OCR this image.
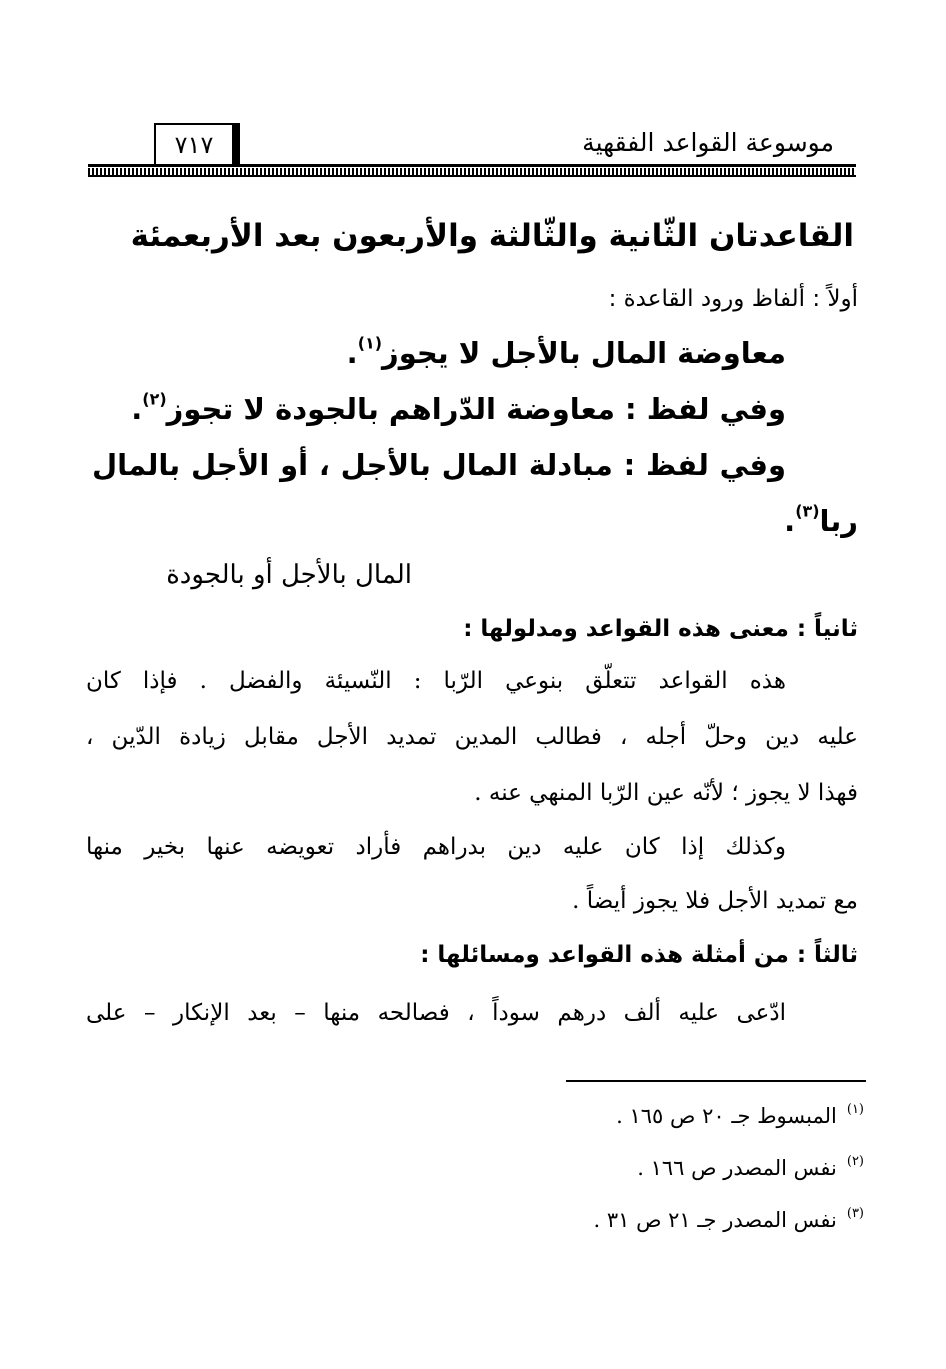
موسوعة القواعد الفقهية
٧١٧
القاعدتان الثّانية والثّالثة والأربعون بعد الأربعمئة
أولاً : ألفاظ ورود القاعدة :
معاوضة المال بالأجل لا يجوز$^{(١)}$.
وفي لفظ : معاوضة الدّراهم بالجودة لا تجوز$^{(٢)}$.
وفي لفظ : مبادلة المال بالأجل ، أو الأجل بالمال
ربا$^{(٣)}$.
المال بالأجل أو بالجودة
ثانياً : معنى هذه القواعد ومدلولها :
هذه القواعد تتعلّق بنوعي الرّبا : النّسيئة والفضل . فإذا كان
عليه دين وحلّ أجله ، فطالب المدين تمديد الأجل مقابل زيادة الدّين ،
فهذا لا يجوز ؛ لأنّه عين الرّبا المنهي عنه .
وكذلك إذا كان عليه دين بدراهم فأراد تعويضه عنها بخير منها
مع تمديد الأجل فلا يجوز أيضاً .
ثالثاً : من أمثلة هذه القواعد ومسائلها :
ادّعى عليه ألف درهم سوداً ، فصالحه منها – بعد الإنكار – على
$^{(١)}$المبسوط جـ ٢٠ ص ١٦٥ .
$^{(٢)}$نفس المصدر ص ١٦٦ .
$^{(٣)}$نفس المصدر جـ ٢١ ص ٣١ .
